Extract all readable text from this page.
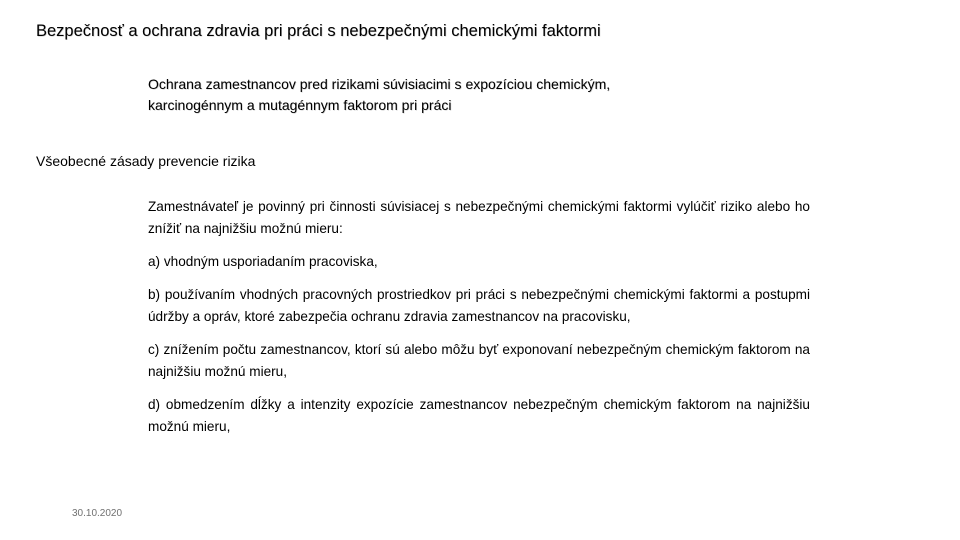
Bezpečnosť a ochrana zdravia pri práci s nebezpečnými chemickými faktormi
Ochrana zamestnancov pred rizikami súvisiacimi s expozíciou chemickým,
karcinogénnym a mutagénnym faktorom pri práci
Všeobecné zásady prevencie rizika
Zamestnávateľ je povinný pri činnosti súvisiacej s nebezpečnými chemickými faktormi vylúčiť riziko alebo ho znížiť na najnižšiu možnú mieru:
a) vhodným usporiadaním pracoviska,
b) používaním vhodných pracovných prostriedkov pri práci s nebezpečnými chemickými faktormi a postupmi údržby a opráv, ktoré zabezpečia ochranu zdravia zamestnancov na pracovisku,
c) znížením počtu zamestnancov, ktorí sú alebo môžu byť exponovaní nebezpečným chemickým faktorom na najnižšiu možnú mieru,
d) obmedzením dĺžky a intenzity expozície zamestnancov nebezpečným chemickým faktorom na najnižšiu možnú mieru,
30.10.2020
